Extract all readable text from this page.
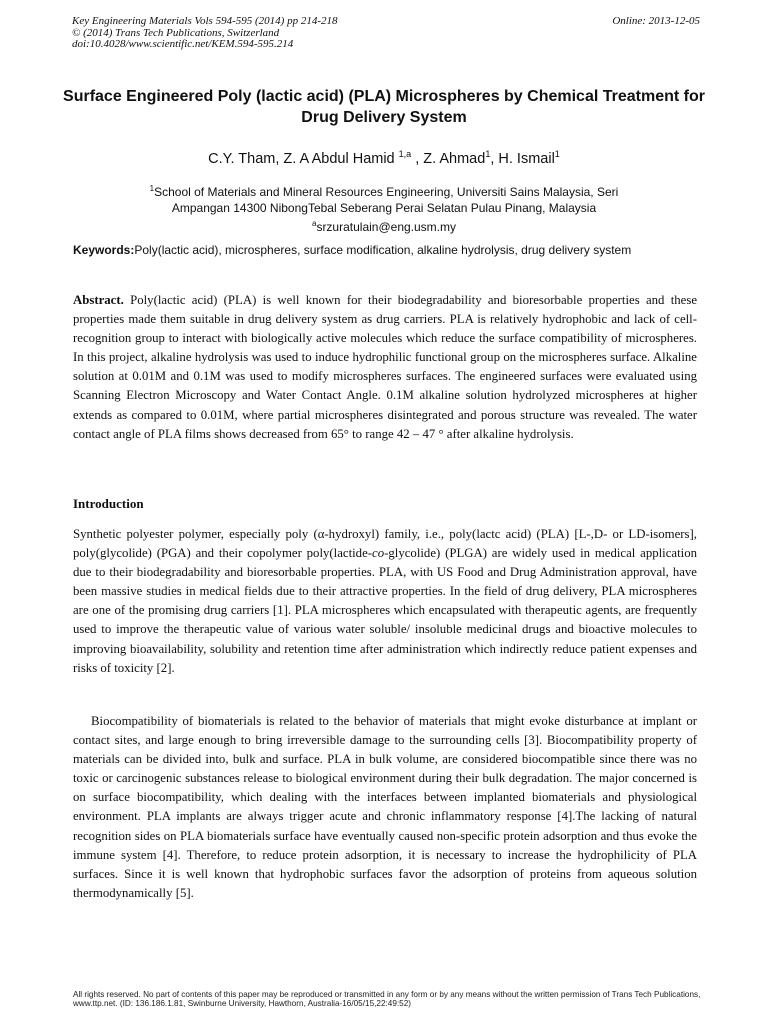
Key Engineering Materials Vols 594-595 (2014) pp 214-218	Online: 2013-12-05
© (2014) Trans Tech Publications, Switzerland
doi:10.4028/www.scientific.net/KEM.594-595.214
Surface Engineered Poly (lactic acid) (PLA) Microspheres by Chemical Treatment for Drug Delivery System
C.Y. Tham, Z. A Abdul Hamid $^{1,a}$ , Z. Ahmad$^1$, H. Ismail$^1$
$^1$School of Materials and Mineral Resources Engineering, Universiti Sains Malaysia, Seri
Ampangan 14300 NibongTebal Seberang Perai Selatan Pulau Pinang, Malaysia
$^a$srzuratulain@eng.usm.my
Keywords:Poly(lactic acid), microspheres, surface modification, alkaline hydrolysis, drug delivery system
Abstract. Poly(lactic acid) (PLA) is well known for their biodegradability and bioresorbable properties and these properties made them suitable in drug delivery system as drug carriers. PLA is relatively hydrophobic and lack of cell-recognition group to interact with biologically active molecules which reduce the surface compatibility of microspheres. In this project, alkaline hydrolysis was used to induce hydrophilic functional group on the microspheres surface. Alkaline solution at 0.01M and 0.1M was used to modify microspheres surfaces. The engineered surfaces were evaluated using Scanning Electron Microscopy and Water Contact Angle. 0.1M alkaline solution hydrolyzed microspheres at higher extends as compared to 0.01M, where partial microspheres disintegrated and porous structure was revealed. The water contact angle of PLA films shows decreased from 65° to range 42 – 47 ° after alkaline hydrolysis.
Introduction
Synthetic polyester polymer, especially poly (α-hydroxyl) family, i.e., poly(lactc acid) (PLA) [L-,D- or LD-isomers], poly(glycolide) (PGA) and their copolymer poly(lactide-co-glycolide) (PLGA) are widely used in medical application due to their biodegradability and bioresorbable properties. PLA, with US Food and Drug Administration approval, have been massive studies in medical fields due to their attractive properties. In the field of drug delivery, PLA microspheres are one of the promising drug carriers [1]. PLA microspheres which encapsulated with therapeutic agents, are frequently used to improve the therapeutic value of various water soluble/ insoluble medicinal drugs and bioactive molecules to improving bioavailability, solubility and retention time after administration which indirectly reduce patient expenses and risks of toxicity [2].
Biocompatibility of biomaterials is related to the behavior of materials that might evoke disturbance at implant or contact sites, and large enough to bring irreversible damage to the surrounding cells [3]. Biocompatibility property of materials can be divided into, bulk and surface. PLA in bulk volume, are considered biocompatible since there was no toxic or carcinogenic substances release to biological environment during their bulk degradation. The major concerned is on surface biocompatibility, which dealing with the interfaces between implanted biomaterials and physiological environment. PLA implants are always trigger acute and chronic inflammatory response [4].The lacking of natural recognition sides on PLA biomaterials surface have eventually caused non-specific protein adsorption and thus evoke the immune system [4]. Therefore, to reduce protein adsorption, it is necessary to increase the hydrophilicity of PLA surfaces. Since it is well known that hydrophobic surfaces favor the adsorption of proteins from aqueous solution thermodynamically [5].
All rights reserved. No part of contents of this paper may be reproduced or transmitted in any form or by any means without the written permission of Trans Tech Publications, www.ttp.net. (ID: 136.186.1.81, Swinburne University, Hawthorn, Australia-16/05/15,22:49:52)
